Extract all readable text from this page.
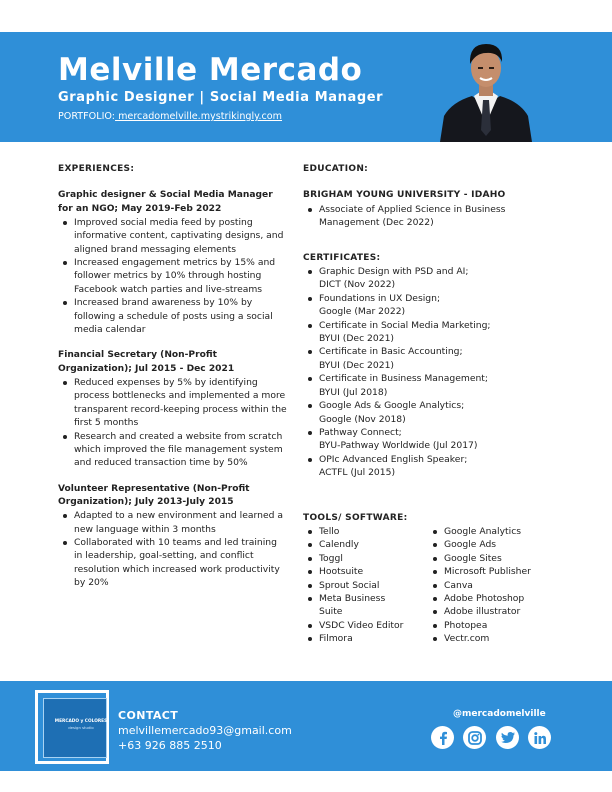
Melville Mercado
Graphic Designer | Social Media Manager
PORTFOLIO: mercadomelville.mystrikingly.com
EXPERIENCES:
Graphic designer & Social Media Manager for an NGO; May 2019-Feb 2022
Improved social media feed by posting informative content, captivating designs, and aligned brand messaging elements
Increased engagement metrics by 15% and follower metrics by 10% through hosting Facebook watch parties and live-streams
Increased brand awareness by 10% by following a schedule of posts using a social media calendar
Financial Secretary (Non-Profit Organization); Jul 2015 - Dec 2021
Reduced expenses by 5% by identifying process bottlenecks and implemented a more transparent record-keeping process within the first 5 months
Research and created a website from scratch which improved the file management system and reduced transaction time by 50%
Volunteer Representative (Non-Profit Organization); July 2013-July 2015
Adapted to a new environment and learned a new language within 3 months
Collaborated with 10 teams and led training in leadership, goal-setting, and conflict resolution which increased work productivity by 20%
EDUCATION:
BRIGHAM YOUNG UNIVERSITY - IDAHO
Associate of Applied Science in Business Management (Dec 2022)
CERTIFICATES:
Graphic Design with PSD and AI;
DICT (Nov 2022)
Foundations in UX Design;
Google (Mar 2022)
Certificate in Social Media Marketing;
BYUI (Dec 2021)
Certificate in Basic Accounting;
BYUI (Dec 2021)
Certificate in Business Management;
BYUI (Jul 2018)
Google Ads & Google Analytics;
Google (Nov 2018)
Pathway Connect;
BYU-Pathway Worldwide (Jul 2017)
OPIc Advanced English Speaker;
ACTFL (Jul 2015)
TOOLS/ SOFTWARE:
Tello
Calendly
Toggl
Hootsuite
Sprout Social
Meta Business Suite
VSDC Video Editor
Filmora
Google Analytics
Google Ads
Google Sites
Microsoft Publisher
Canva
Adobe Photoshop
Adobe illustrator
Photopea
Vectr.com
MERCADO y COLORES
design studio
CONTACT
melvillemercado93@gmail.com
+63 926 885 2510
@mercadomelville
